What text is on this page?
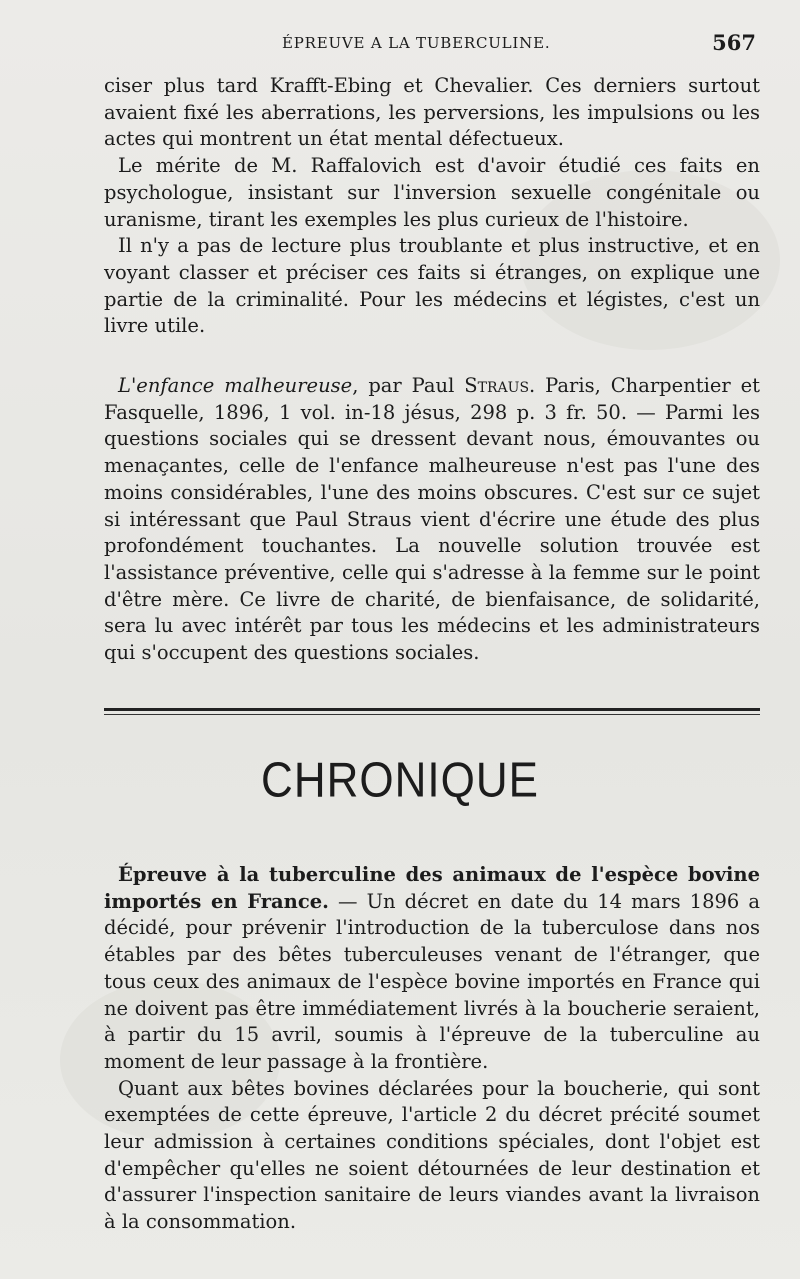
ÉPREUVE A LA TUBERCULINE.	567

ciser plus tard Krafft-Ebing et Chevalier. Ces derniers surtout avaient fixé les aberrations, les perversions, les impulsions ou les actes qui montrent un état mental défectueux.

Le mérite de M. Raffalovich est d'avoir étudié ces faits en psychologue, insistant sur l'inversion sexuelle congénitale ou uranisme, tirant les exemples les plus curieux de l'histoire.

Il n'y a pas de lecture plus troublante et plus instructive, et en voyant classer et préciser ces faits si étranges, on explique une partie de la criminalité. Pour les médecins et légistes, c'est un livre utile.

L'enfance malheureuse, par Paul Straus. Paris, Charpentier et Fasquelle, 1896, 1 vol. in-18 jésus, 298 p. 3 fr. 50. — Parmi les questions sociales qui se dressent devant nous, émouvantes ou menaçantes, celle de l'enfance malheureuse n'est pas l'une des moins considérables, l'une des moins obscures. C'est sur ce sujet si intéressant que Paul Straus vient d'écrire une étude des plus profondément touchantes. La nouvelle solution trouvée est l'assistance préventive, celle qui s'adresse à la femme sur le point d'être mère. Ce livre de charité, de bienfaisance, de solidarité, sera lu avec intérêt par tous les médecins et les administrateurs qui s'occupent des questions sociales.

CHRONIQUE

Épreuve à la tuberculine des animaux de l'espèce bovine importés en France. — Un décret en date du 14 mars 1896 a décidé, pour prévenir l'introduction de la tuberculose dans nos étables par des bêtes tuberculeuses venant de l'étranger, que tous ceux des animaux de l'espèce bovine importés en France qui ne doivent pas être immédiatement livrés à la boucherie seraient, à partir du 15 avril, soumis à l'épreuve de la tuberculine au moment de leur passage à la frontière.

Quant aux bêtes bovines déclarées pour la boucherie, qui sont exemptées de cette épreuve, l'article 2 du décret précité soumet leur admission à certaines conditions spéciales, dont l'objet est d'empêcher qu'elles ne soient détournées de leur destination et d'assurer l'inspection sanitaire de leurs viandes avant la livraison à la consommation.
